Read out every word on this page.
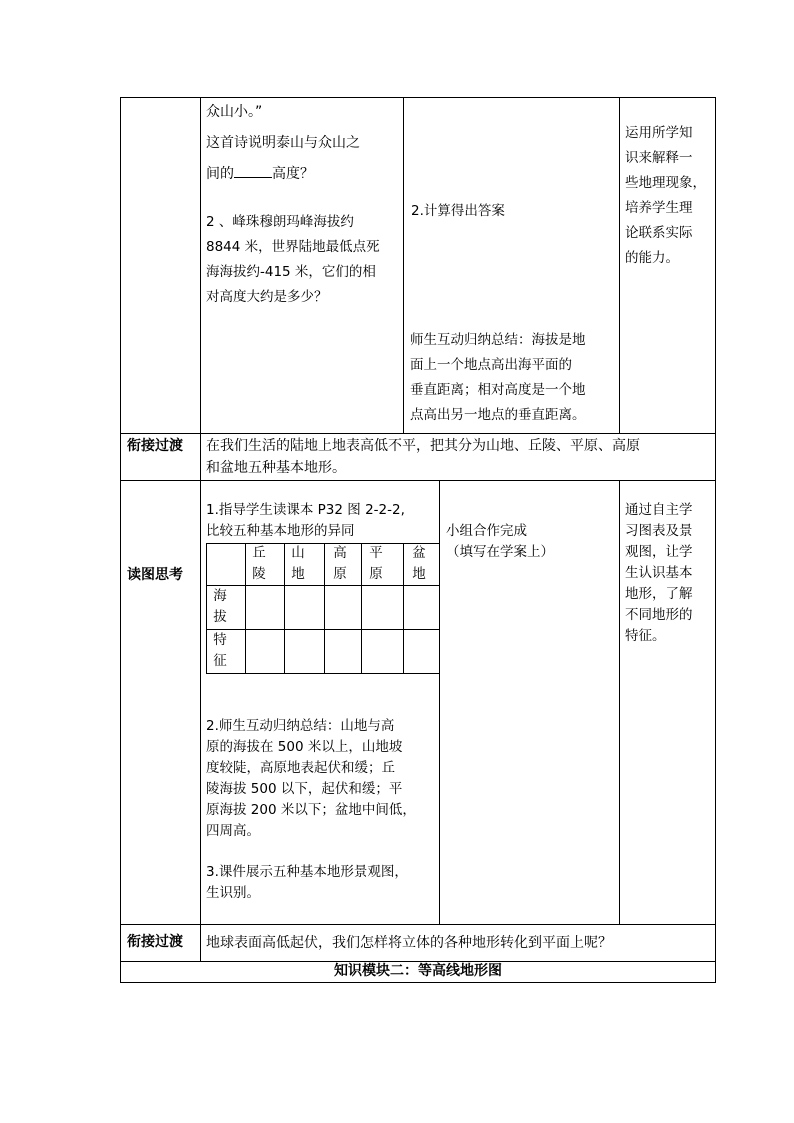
众山小。”
这首诗说明泰山与众山之
间的	高度？
2 、峰珠穆朗玛峰海拔约
8844 米，世界陆地最低点死
海海拔约-415 米，它们的相
对高度大约是多少？
2.计算得出答案
师生互动归纳总结：海拔是地
面上一个地点高出海平面的
垂直距离；相对高度是一个地
点高出另一地点的垂直距离。
运用所学知
识来解释一
些地理现象，
培养学生理
论联系实际
的能力。
衔接过渡 在我们生活的陆地上地表高低不平，把其分为山地、丘陵、平原、高原
和盆地五种基本地形。
读图思考
1.指导学生读课本 P32 图 2-2-2,
比较五种基本地形的异同
丘陵
山地
高原
平原
盆地
海拔
特征
2.师生互动归纳总结：山地与高
原的海拔在 500 米以上，山地坡
度较陡，高原地表起伏和缓；丘
陵海拔 500 以下，起伏和缓；平
原海拔 200 米以下；盆地中间低，
四周高。
3.课件展示五种基本地形景观图，
生识别。
小组合作完成
（填写在学案上）
通过自主学
习图表及景
观图，让学
生认识基本
地形，了解
不同地形的
特征。
衔接过渡 地球表面高低起伏，我们怎样将立体的各种地形转化到平面上呢？
知识模块二：等高线地形图
